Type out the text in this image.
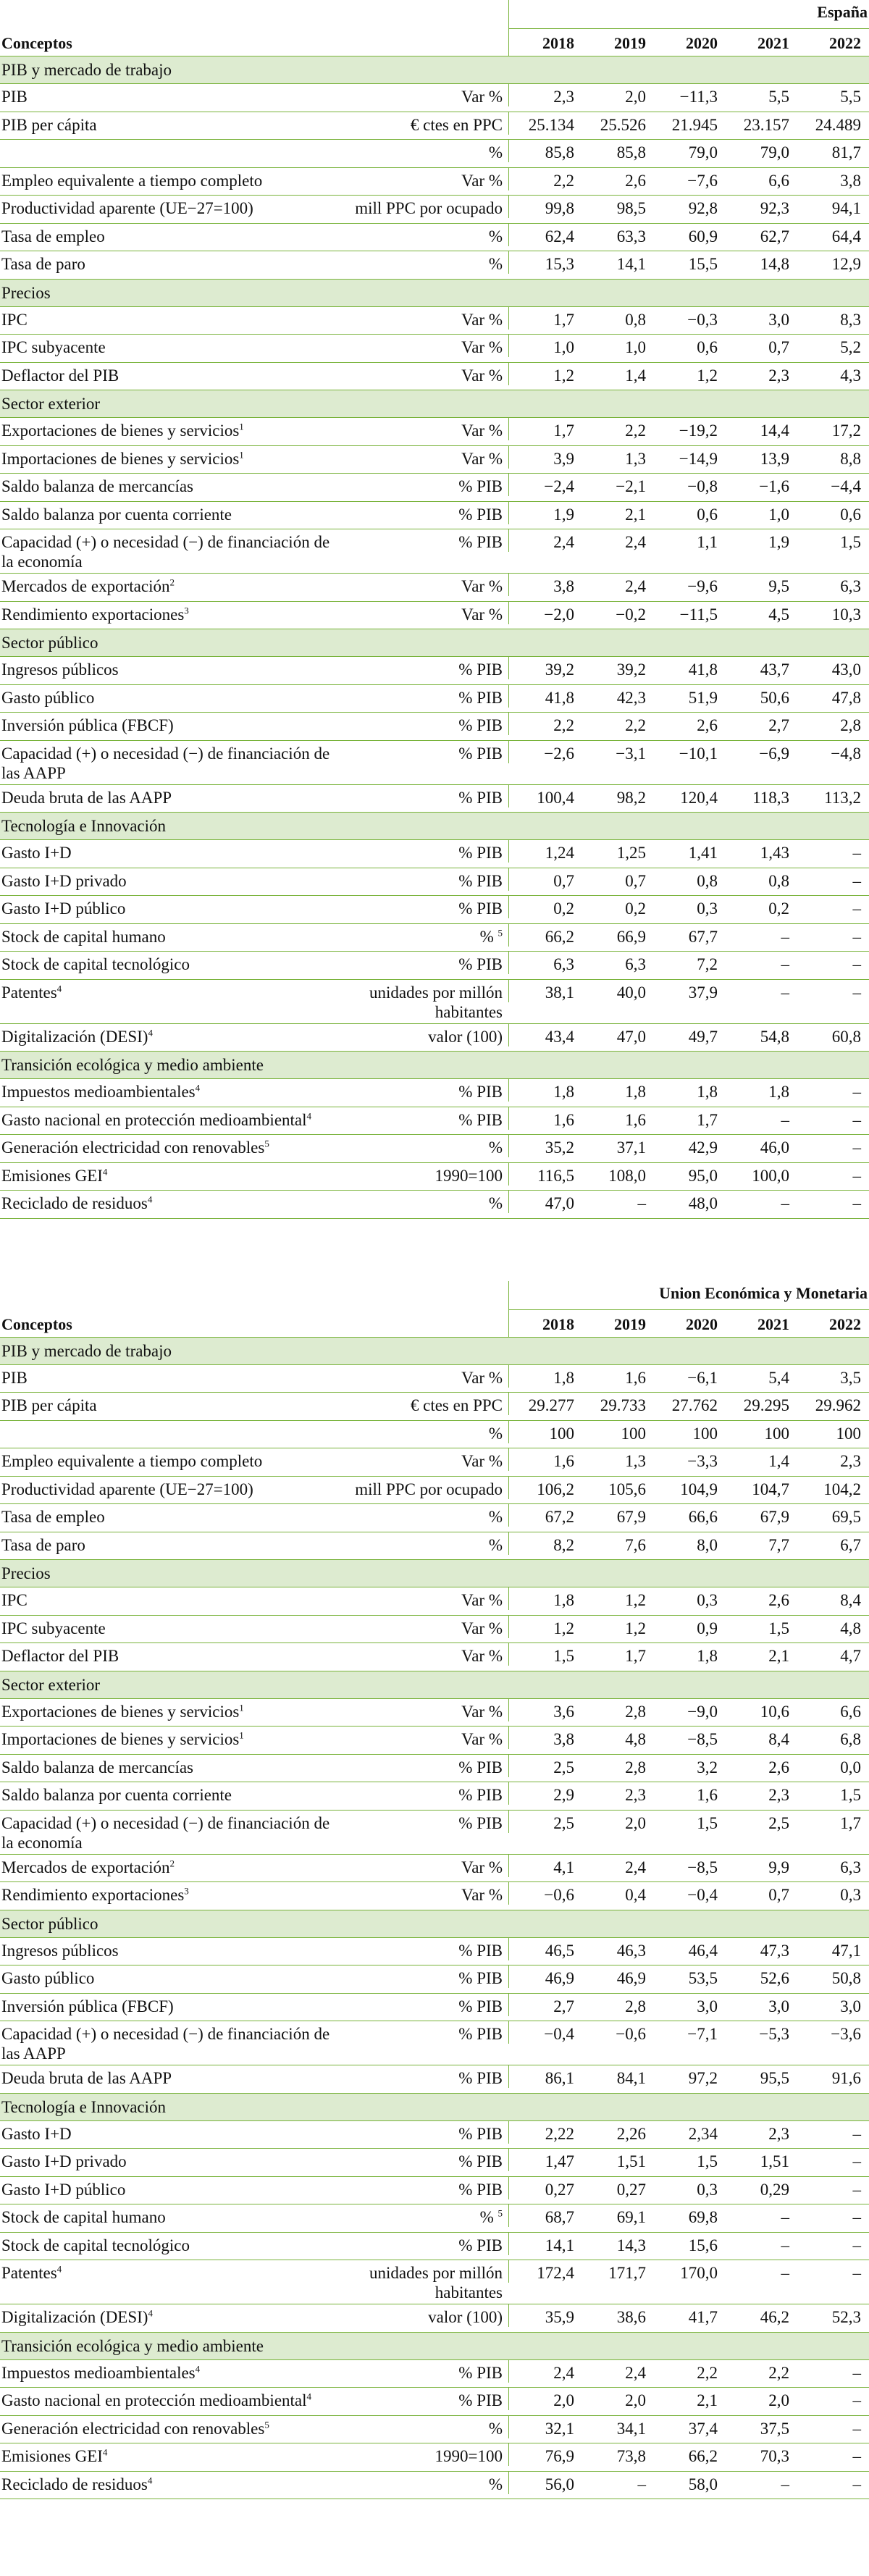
España
Conceptos	2018	2019	2020	2021	2022
PIB y mercado de trabajo
PIB	Var %	2,3	2,0	−11,3	5,5	5,5
PIB per cápita	€ ctes en PPC	25.134	25.526	21.945	23.157	24.489
%	85,8	85,8	79,0	79,0	81,7
Empleo equivalente a tiempo completo	Var %	2,2	2,6	−7,6	6,6	3,8
Productividad aparente (UE−27=100)	mill PPC por ocupado	99,8	98,5	92,8	92,3	94,1
Tasa de empleo	%	62,4	63,3	60,9	62,7	64,4
Tasa de paro	%	15,3	14,1	15,5	14,8	12,9
Precios
IPC	Var %	1,7	0,8	−0,3	3,0	8,3
IPC subyacente	Var %	1,0	1,0	0,6	0,7	5,2
Deflactor del PIB	Var %	1,2	1,4	1,2	2,3	4,3
Sector exterior
Exportaciones de bienes y servicios$^1$	Var %	1,7	2,2	−19,2	14,4	17,2
Importaciones de bienes y servicios$^1$	Var %	3,9	1,3	−14,9	13,9	8,8
Saldo balanza de mercancías	% PIB	−2,4	−2,1	−0,8	−1,6	−4,4
Saldo balanza por cuenta corriente	% PIB	1,9	2,1	0,6	1,0	0,6
Capacidad (+) o necesidad (−) de financiación de la economía
% PIB	2,4	2,4	1,1	1,9	1,5
Mercados de exportación$^2$	Var %	3,8	2,4	−9,6	9,5	6,3
Rendimiento exportaciones$^3$	Var %	−2,0	−0,2	−11,5	4,5	10,3
Sector público
Ingresos públicos	% PIB	39,2	39,2	41,8	43,7	43,0
Gasto público	% PIB	41,8	42,3	51,9	50,6	47,8
Inversión pública (FBCF)	% PIB	2,2	2,2	2,6	2,7	2,8
Capacidad (+) o necesidad (−) de financiación de las AAPP
% PIB	−2,6	−3,1	−10,1	−6,9	−4,8
Deuda bruta de las AAPP	% PIB	100,4	98,2	120,4	118,3	113,2
Tecnología e Innovación
Gasto I+D	% PIB	1,24	1,25	1,41	1,43	–
Gasto I+D privado	% PIB	0,7	0,7	0,8	0,8	–
Gasto I+D público	% PIB	0,2	0,2	0,3	0,2	–
Stock de capital humano	% $^5$	66,2	66,9	67,7	–	–
Stock de capital tecnológico	% PIB	6,3	6,3	7,2	–	–
Patentes$^4$	unidades por millón habitantes
38,1	40,0	37,9	–	–
Digitalización (DESI)$^4$	valor (100)	43,4	47,0	49,7	54,8	60,8
Transición ecológica y medio ambiente
Impuestos medioambientales$^4$	% PIB	1,8	1,8	1,8	1,8	–
Gasto nacional en protección medioambiental$^4$	% PIB	1,6	1,6	1,7	–	–
Generación electricidad con renovables$^5$	%	35,2	37,1	42,9	46,0	–
Emisiones GEI$^4$	1990=100	116,5	108,0	95,0	100,0	–
Reciclado de residuos$^4$	%	47,0	–	48,0	–	–
Union Económica y Monetaria
Conceptos	2018	2019	2020	2021	2022
PIB y mercado de trabajo
PIB	Var %	1,8	1,6	−6,1	5,4	3,5
PIB per cápita	€ ctes en PPC	29.277	29.733	27.762	29.295	29.962
%	100	100	100	100	100
Empleo equivalente a tiempo completo	Var %	1,6	1,3	−3,3	1,4	2,3
Productividad aparente (UE−27=100)	mill PPC por ocupado	106,2	105,6	104,9	104,7	104,2
Tasa de empleo	%	67,2	67,9	66,6	67,9	69,5
Tasa de paro	%	8,2	7,6	8,0	7,7	6,7
Precios
IPC	Var %	1,8	1,2	0,3	2,6	8,4
IPC subyacente	Var %	1,2	1,2	0,9	1,5	4,8
Deflactor del PIB	Var %	1,5	1,7	1,8	2,1	4,7
Sector exterior
Exportaciones de bienes y servicios$^1$	Var %	3,6	2,8	−9,0	10,6	6,6
Importaciones de bienes y servicios$^1$	Var %	3,8	4,8	−8,5	8,4	6,8
Saldo balanza de mercancías	% PIB	2,5	2,8	3,2	2,6	0,0
Saldo balanza por cuenta corriente	% PIB	2,9	2,3	1,6	2,3	1,5
Capacidad (+) o necesidad (−) de financiación de la economía
% PIB	2,5	2,0	1,5	2,5	1,7
Mercados de exportación$^2$	Var %	4,1	2,4	−8,5	9,9	6,3
Rendimiento exportaciones$^3$	Var %	−0,6	0,4	−0,4	0,7	0,3
Sector público
Ingresos públicos	% PIB	46,5	46,3	46,4	47,3	47,1
Gasto público	% PIB	46,9	46,9	53,5	52,6	50,8
Inversión pública (FBCF)	% PIB	2,7	2,8	3,0	3,0	3,0
Capacidad (+) o necesidad (−) de financiación de las AAPP
% PIB	−0,4	−0,6	−7,1	−5,3	−3,6
Deuda bruta de las AAPP	% PIB	86,1	84,1	97,2	95,5	91,6
Tecnología e Innovación
Gasto I+D	% PIB	2,22	2,26	2,34	2,3	–
Gasto I+D privado	% PIB	1,47	1,51	1,5	1,51	–
Gasto I+D público	% PIB	0,27	0,27	0,3	0,29	–
Stock de capital humano	% $^5$	68,7	69,1	69,8	–	–
Stock de capital tecnológico	% PIB	14,1	14,3	15,6	–	–
Patentes$^4$	unidades por millón habitantes
172,4	171,7	170,0	–	–
Digitalización (DESI)$^4$	valor (100)	35,9	38,6	41,7	46,2	52,3
Transición ecológica y medio ambiente
Impuestos medioambientales$^4$	% PIB	2,4	2,4	2,2	2,2	–
Gasto nacional en protección medioambiental$^4$	% PIB	2,0	2,0	2,1	2,0	–
Generación electricidad con renovables$^5$	%	32,1	34,1	37,4	37,5	–
Emisiones GEI$^4$	1990=100	76,9	73,8	66,2	70,3	–
Reciclado de residuos$^4$	%	56,0	–	58,0	–	–
